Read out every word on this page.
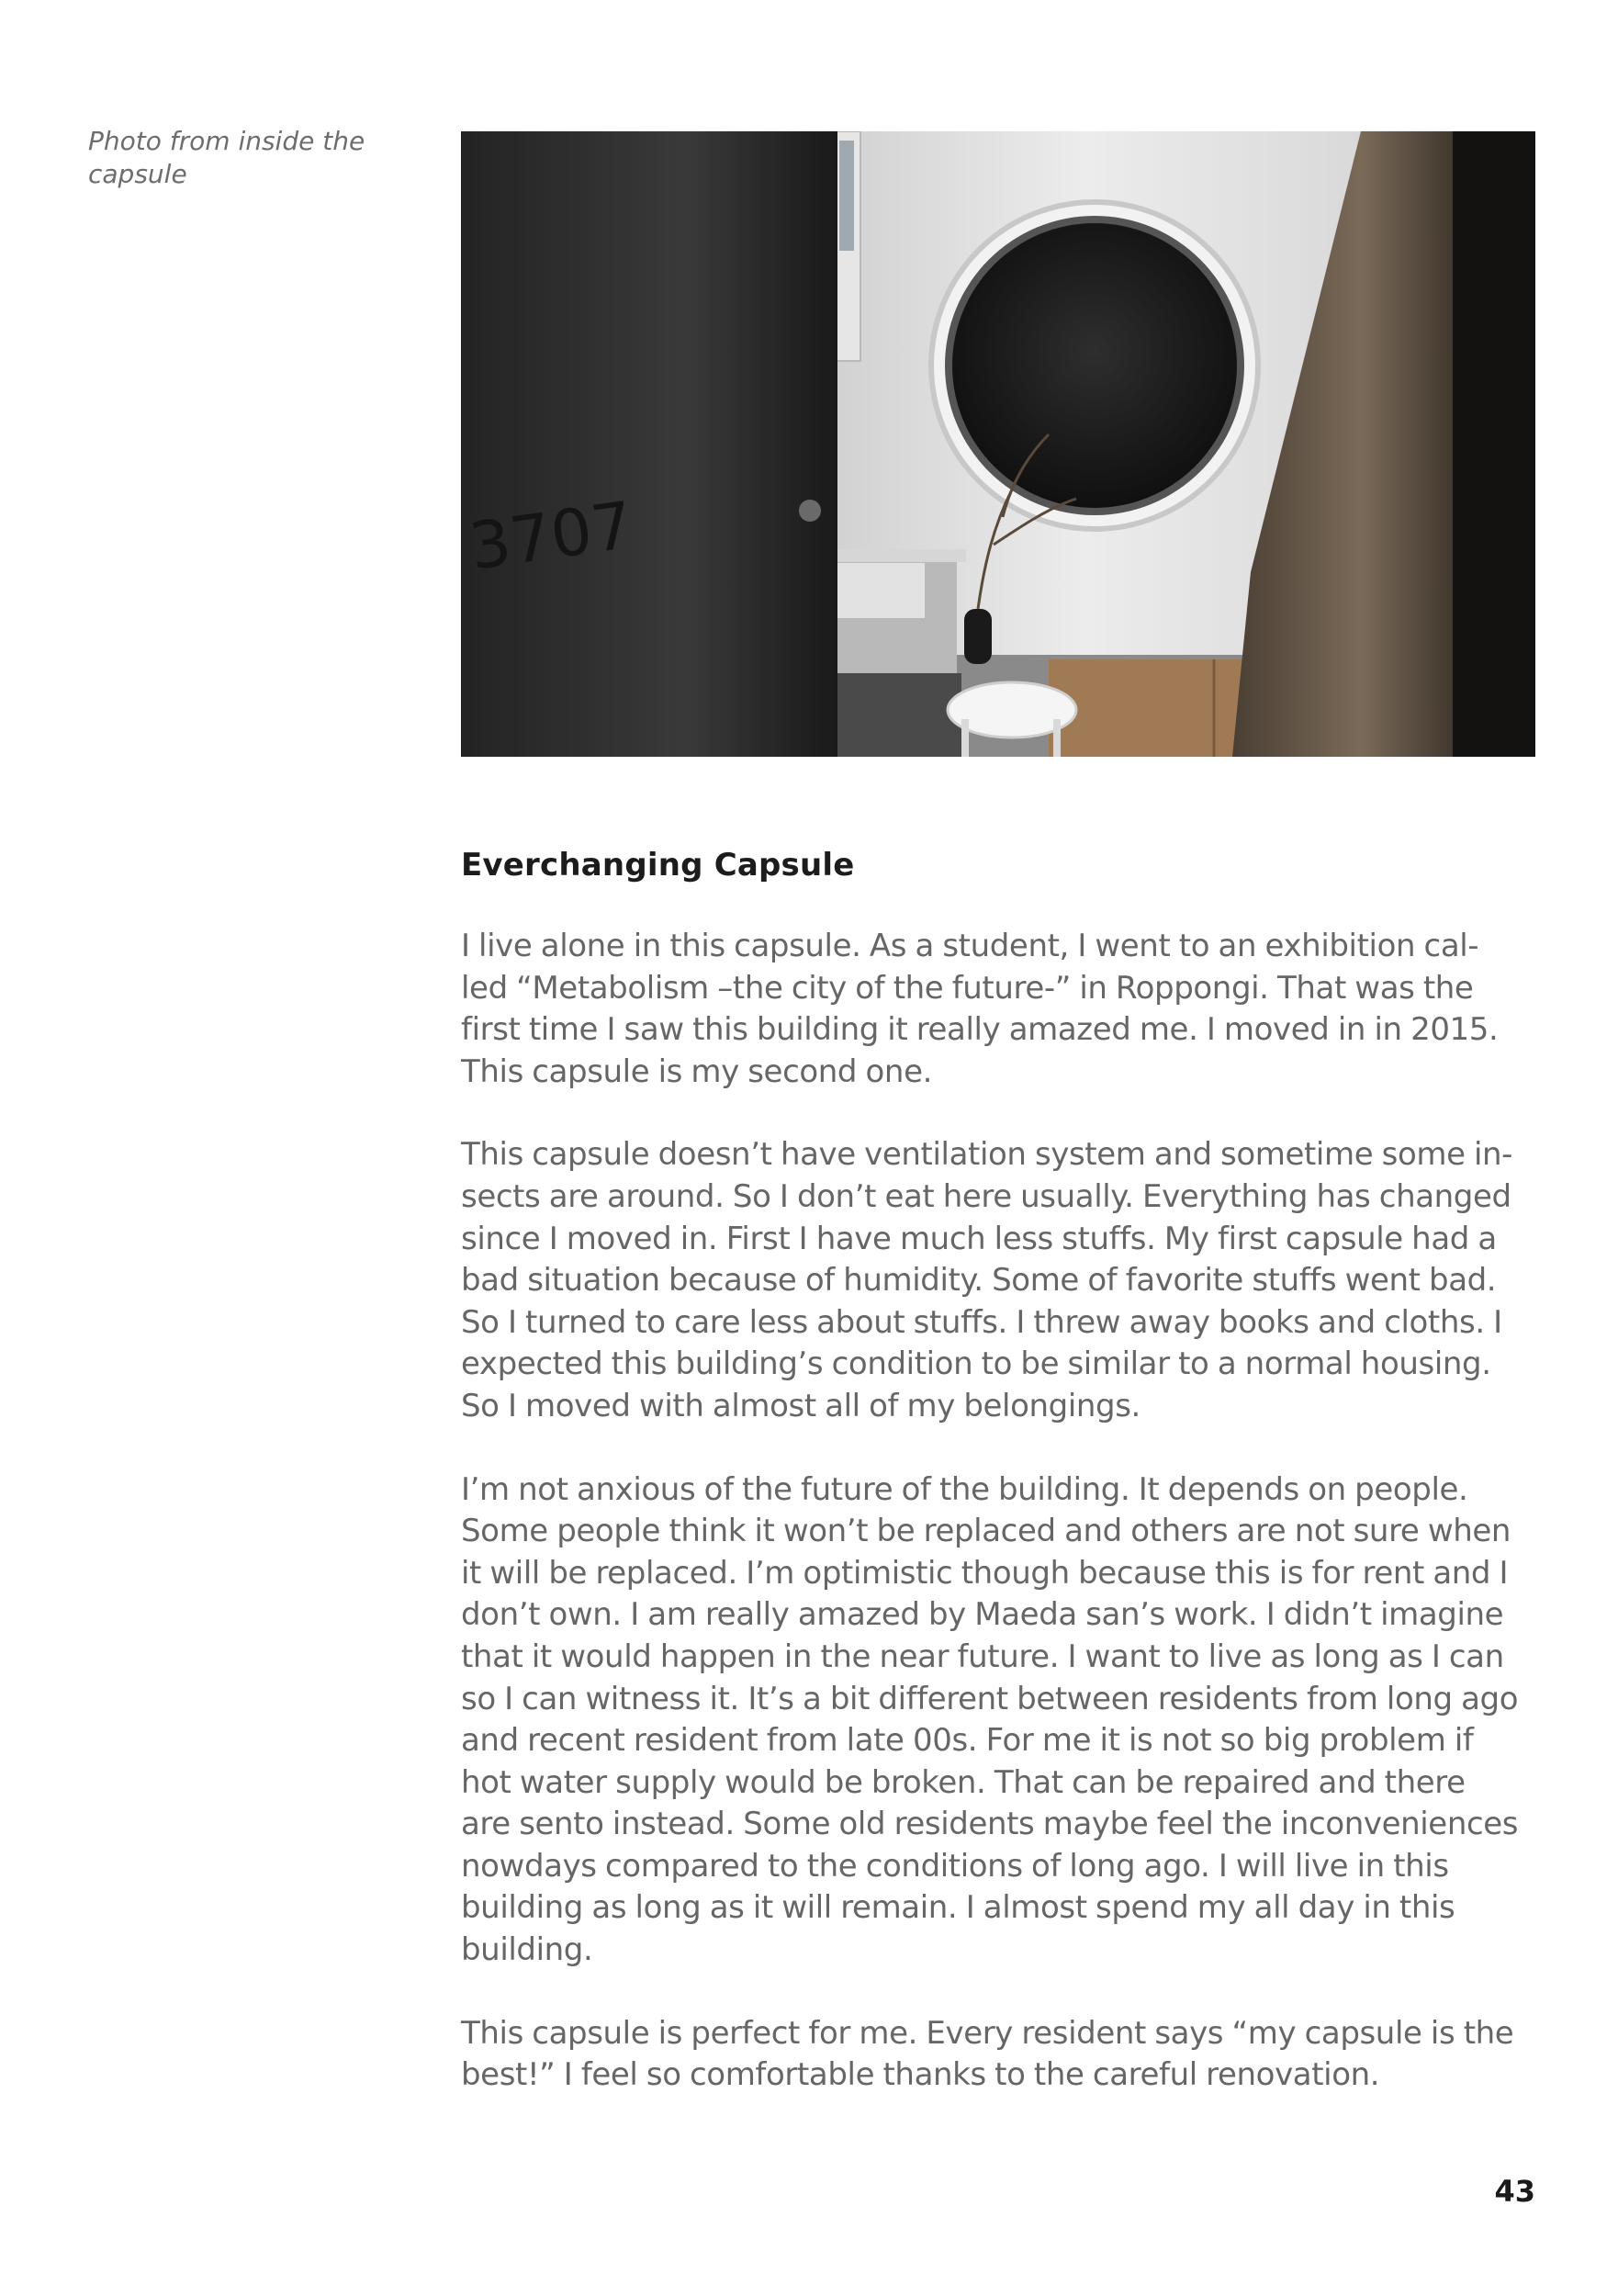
Photo from inside the capsule

3707
Everchanging Capsule

I live alone in this capsule. As a student, I went to an exhibition cal-
led “Metabolism –the city of the future-” in Roppongi. That was the
first time I saw this building it really amazed me. I moved in in 2015.
This capsule is my second one.

This capsule doesn’t have ventilation system and sometime some in-
sects are around. So I don’t eat here usually. Everything has changed
since I moved in. First I have much less stuffs. My first capsule had a
bad situation because of humidity. Some of favorite stuffs went bad.
So I turned to care less about stuffs. I threw away books and cloths. I
expected this building’s condition to be similar to a normal housing.
So I moved with almost all of my belongings.

I’m not anxious of the future of the building. It depends on people.
Some people think it won’t be replaced and others are not sure when
it will be replaced. I’m optimistic though because this is for rent and I
don’t own. I am really amazed by Maeda san’s work. I didn’t imagine
that it would happen in the near future. I want to live as long as I can
so I can witness it. It’s a bit different between residents from long ago
and recent resident from late 00s. For me it is not so big problem if
hot water supply would be broken. That can be repaired and there
are sento instead. Some old residents maybe feel the inconveniences
nowdays compared to the conditions of long ago. I will live in this
building as long as it will remain. I almost spend my all day in this
building.

This capsule is perfect for me. Every resident says “my capsule is the
best!” I feel so comfortable thanks to the careful renovation.

43
